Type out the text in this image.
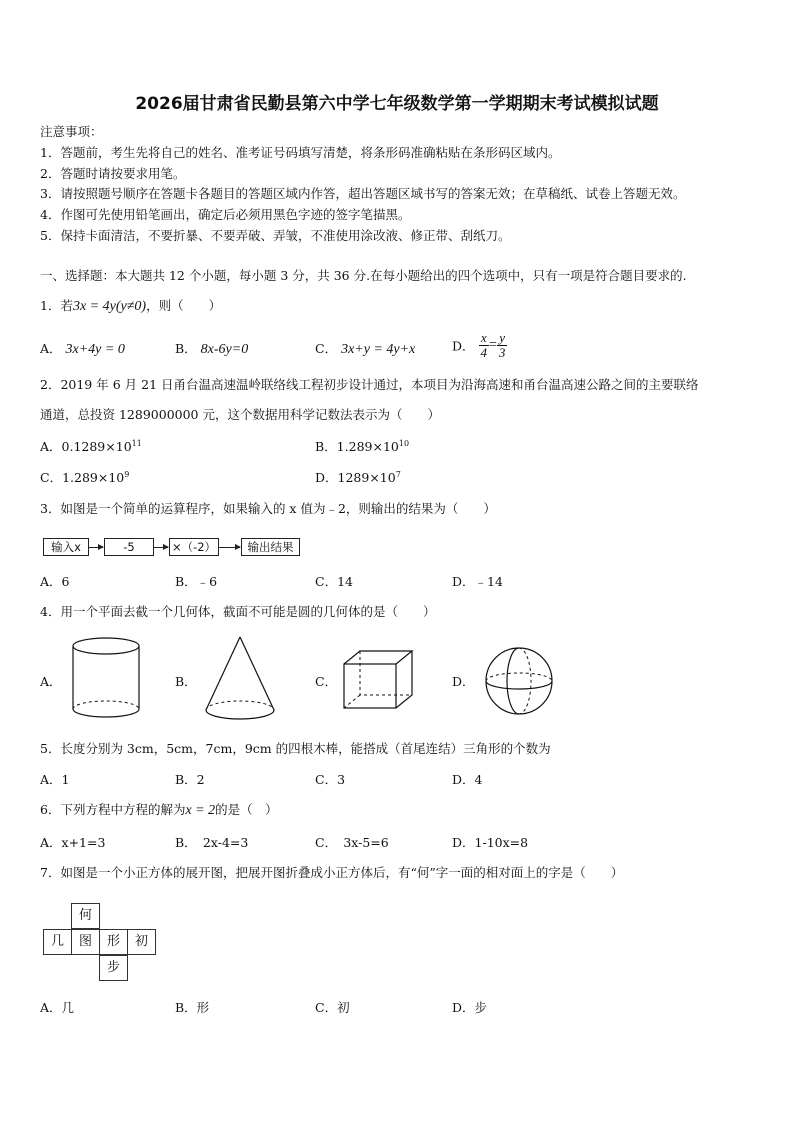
2026届甘肃省民勤县第六中学七年级数学第一学期期末考试模拟试题
注意事项：
1．答题前，考生先将自己的姓名、准考证号码填写清楚，将条形码准确粘贴在条形码区域内。
2．答题时请按要求用笔。
3．请按照题号顺序在答题卡各题目的答题区域内作答，超出答题区域书写的答案无效；在草稿纸、试卷上答题无效。
4．作图可先使用铅笔画出，确定后必须用黑色字迹的签字笔描黑。
5．保持卡面清洁，不要折暴、不要弄破、弄皱，不准使用涂改液、修正带、刮纸刀。
一、选择题：本大题共 12 个小题，每小题 3 分，共 36 分.在每小题给出的四个选项中，只有一项是符合题目要求的.
1．若3x = 4y(y≠0)，则（　　）
A． 3x+4y = 0	B． 8x-6y=0	C． 3x+y = 4y+x	D． $\frac{x}{4} = \frac{y}{3}$
2．2019 年 6 月 21 日甬台温高速温岭联络线工程初步设计通过，本项目为沿海高速和甬台温高速公路之间的主要联络
通道，总投资 1289000000 元，这个数据用科学记数法表示为（　　）
A．$0.1289\times 10^{11}$	B．$1.289\times 10^{10}$
C．$1.289\times 10^9$	D．$1289\times 10^7$
3．如图是一个简单的运算程序，如果输入的 x 值为﹣2，则输出的结果为（　　）
输入x	-5	×（-2）	输出结果
A．6	B．﹣6	C．14	D．﹣14
4．用一个平面去截一个几何体，截面不可能是圆的几何体的是（　　）
A．	B．	C．	D．
5．长度分别为 3cm，5cm，7cm，9cm 的四根木棒，能搭成（首尾连结）三角形的个数为
A．1	B．2	C．3	D．4
6．下列方程中方程的解为x = 2的是（　）
A．x+1=3	B．　2x-4=3	C．　3x-5=6	D．1-10x=8
7．如图是一个小正方体的展开图，把展开图折叠成小正方体后，有“何”字一面的相对面上的字是（　　）
何
几	图	形	初
步
A．几	B．形	C．初	D．步
